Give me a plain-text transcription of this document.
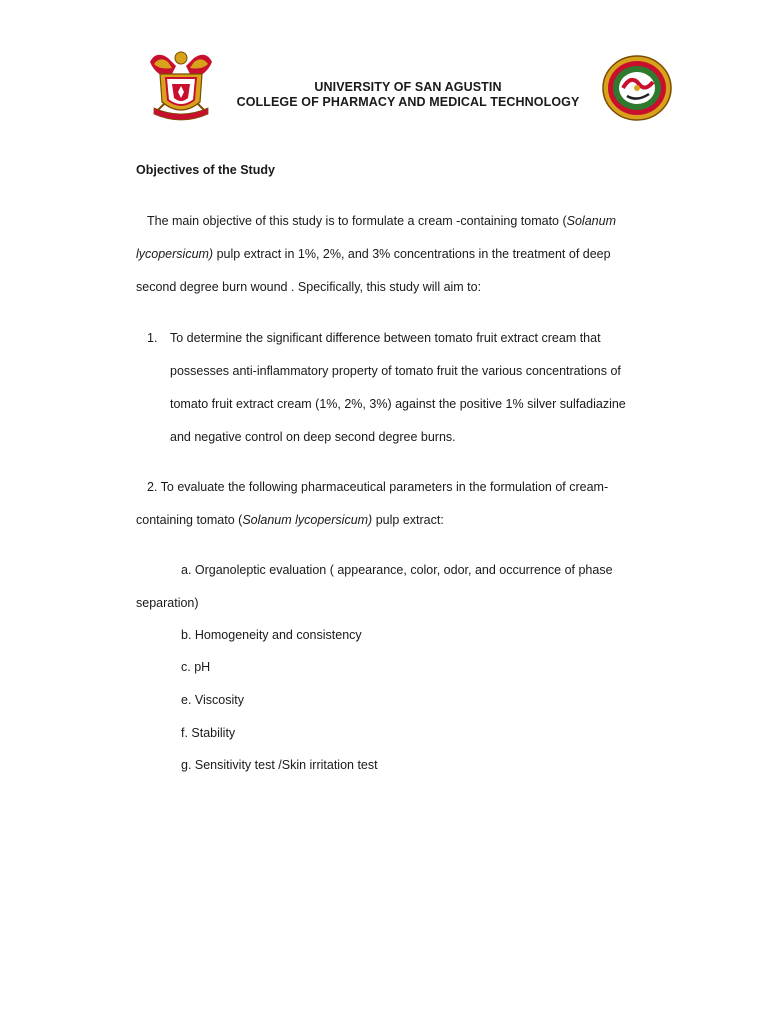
UNIVERSITY OF SAN AGUSTIN
COLLEGE OF PHARMACY AND MEDICAL TECHNOLOGY
Objectives of the Study
The main objective of this study is to formulate a cream -containing tomato (Solanum
lycopersicum) pulp extract in 1%, 2%, and 3% concentrations in the treatment of deep
second degree burn wound . Specifically, this study will aim to:
1. To determine the significant difference between tomato fruit extract cream that
possesses anti-inflammatory property of tomato fruit the various concentrations of
tomato fruit extract cream (1%, 2%, 3%) against the positive 1% silver sulfadiazine
and negative control on deep second degree burns.
2. To evaluate the following pharmaceutical parameters in the formulation of cream-
containing tomato (Solanum lycopersicum) pulp extract:
a. Organoleptic evaluation ( appearance, color, odor, and occurrence of phase
separation)
b. Homogeneity and consistency
c. pH
e. Viscosity
f. Stability
g. Sensitivity test /Skin irritation test
